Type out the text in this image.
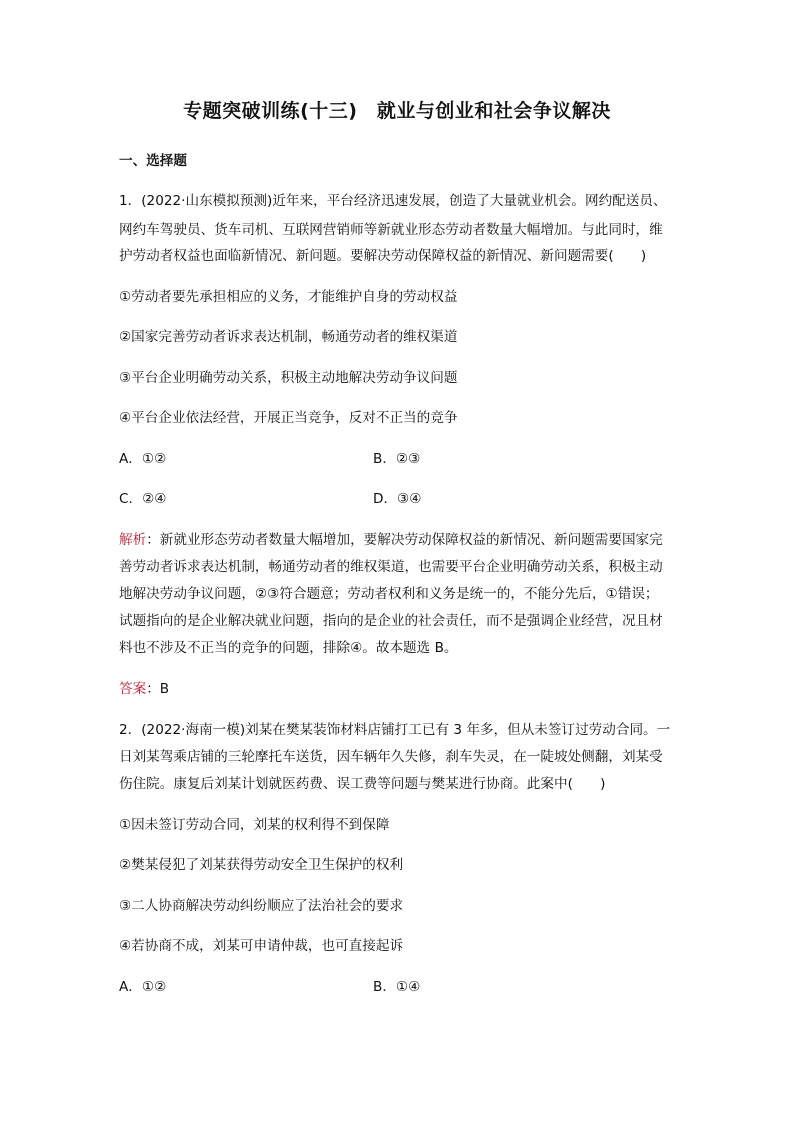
专题突破训练(十三)　就业与创业和社会争议解决
一、选择题
1．(2022·山东模拟预测)近年来，平台经济迅速发展，创造了大量就业机会。网约配送员、
网约车驾驶员、货车司机、互联网营销师等新就业形态劳动者数量大幅增加。与此同时，维
护劳动者权益也面临新情况、新问题。要解决劳动保障权益的新情况、新问题需要(　　)
①劳动者要先承担相应的义务，才能维护自身的劳动权益
②国家完善劳动者诉求表达机制，畅通劳动者的维权渠道
③平台企业明确劳动关系，积极主动地解决劳动争议问题
④平台企业依法经营，开展正当竞争，反对不正当的竞争
A．①②	B．②③
C．②④	D．③④
解析：新就业形态劳动者数量大幅增加，要解决劳动保障权益的新情况、新问题需要国家完
善劳动者诉求表达机制，畅通劳动者的维权渠道，也需要平台企业明确劳动关系，积极主动
地解决劳动争议问题，②③符合题意；劳动者权利和义务是统一的，不能分先后，①错误；
试题指向的是企业解决就业问题，指向的是企业的社会责任，而不是强调企业经营，况且材
料也不涉及不正当的竞争的问题，排除④。故本题选 B。
答案：B
2．(2022·海南一模)刘某在樊某装饰材料店铺打工已有 3 年多，但从未签订过劳动合同。一
日刘某驾乘店铺的三轮摩托车送货，因车辆年久失修，刹车失灵，在一陡坡处侧翻，刘某受
伤住院。康复后刘某计划就医药费、误工费等问题与樊某进行协商。此案中(　　)
①因未签订劳动合同，刘某的权利得不到保障
②樊某侵犯了刘某获得劳动安全卫生保护的权利
③二人协商解决劳动纠纷顺应了法治社会的要求
④若协商不成，刘某可申请仲裁，也可直接起诉
A．①②	B．①④
